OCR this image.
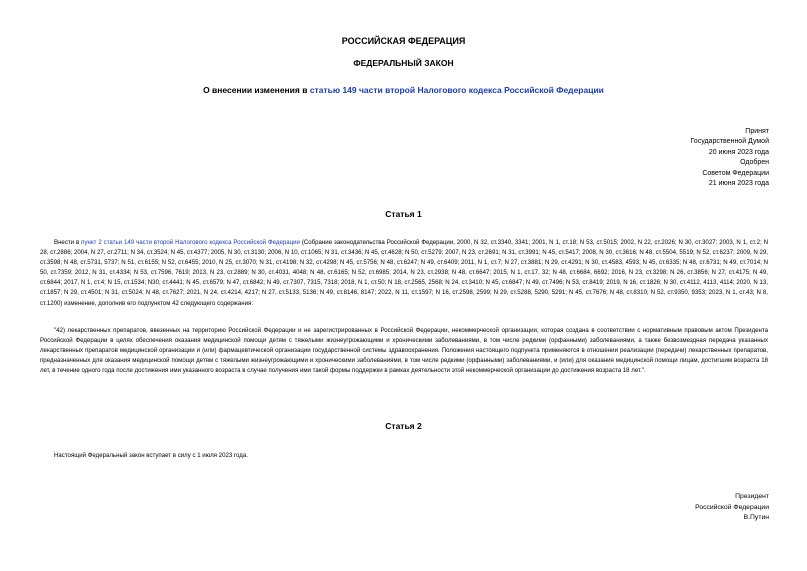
РОССИЙСКАЯ ФЕДЕРАЦИЯ
ФЕДЕРАЛЬНЫЙ ЗАКОН
О внесении изменения в статью 149 части второй Налогового кодекса Российской Федерации
Принят
Государственной Думой
20 июня 2023 года
Одобрен
Советом Федерации
21 июня 2023 года
Статья 1
Внести в пункт 2 статьи 149 части второй Налогового кодекса Российской Федерации (Собрание законодательства Российской Федерации, 2000, N 32, ст.3340, 3341; 2001, N 1, ст.18; N 53, ст.5015; 2002, N 22, ст.2026; N 30, ст.3027; 2003, N 1, ст.2; N 28, ст.2886; 2004, N 27, ст.2711; N 34, ст.3524; N 45, ст.4377; 2005, N 30, ст.3130; 2006, N 10, ст.1065; N 31, ст.3436; N 45, ст.4628; N 50, ст.5279; 2007, N 23, ст.2691; N 31, ст.3991; N 45, ст.5417; 2008, N 30, ст.3616; N 48, ст.5504, 5519; N 52, ст.6237; 2009, N 29, ст.3598; N 48, ст.5731, 5737; N 51, ст.6155; N 52, ст.6455; 2010, N 25, ст.3070; N 31, ст.4198; N 32, ст.4298; N 45, ст.5756; N 48, ст.6247; N 49, ст.6409; 2011, N 1, ст.7; N 27, ст.3881; N 29, ст.4291; N 30, ст.4583, 4593; N 45, ст.6335; N 48, ст.6731; N 49, ст.7014; N 50, ст.7359; 2012, N 31, ст.4334; N 53, ст.7596, 7619; 2013, N 23, ст.2889; N 30, ст.4031, 4048; N 48, ст.6165; N 52, ст.6985; 2014, N 23, ст.2938; N 48, ст.6647; 2015, N 1, ст.17, 32; N 48, ст.6684, 6692; 2016, N 23, ст.3298; N 26, ст.3856; N 27, ст.4175; N 49, ст.6844; 2017, N 1, ст.4; N 15, ст.1534; N30, ст.4441; N 45, ст.6579; N 47, ст.6842; N 49, ст.7307, 7315, 7318; 2018, N 1, ст.50; N 18, ст.2565, 2568; N 24, ст.3410; N 45, ст.6847; N 49, ст.7496; N 53, ст.8419; 2019, N 16, ст.1826; N 30, ст.4112, 4113, 4114; 2020, N 13, ст.1857; N 29, ст.4501; N 31, ст.5024; N 48, ст.7627; 2021, N 24, ст.4214, 4217; N 27, ст.5133, 5136; N 49, ст.8146, 8147; 2022, N 11, ст.1597; N 16, ст.2598, 2599; N 29, ст.5288, 5290, 5291; N 45, ст.7676; N 48, ст.8310; N 52, ст.9350, 9353; 2023, N 1, ст.43; N 8, ст.1200) изменение, дополнив его подпунктом 42 следующего содержания:
"42) лекарственных препаратов, ввезенных на территорию Российской Федерации и не зарегистрированных в Российской Федерации, некоммерческой организации, которая создана в соответствии с нормативным правовым актом Президента Российской Федерации в целях обеспечения оказания медицинской помощи детям с тяжелыми жизнеугрожающими и хроническими заболеваниями, в том числе редкими (орфанными) заболеваниями, а также безвозмездная передача указанных лекарственных препаратов медицинской организации и (или) фармацевтической организации государственной системы здравоохранения. Положения настоящего подпункта применяются в отношении реализации (передачи) лекарственных препаратов, предназначенных для оказания медицинской помощи детям с тяжелыми жизнеугрожающими и хроническими заболеваниями, в том числе редкими (орфанными) заболеваниями, и (или) для оказания медицинской помощи лицам, достигшим возраста 18 лет, в течение одного года после достижения ими указанного возраста в случае получения ими такой формы поддержки в рамках деятельности этой некоммерческой организации до достижения возраста 18 лет.".
Статья 2
Настоящий Федеральный закон вступает в силу с 1 июля 2023 года.
Президент
Российской Федерации
В.Путин
